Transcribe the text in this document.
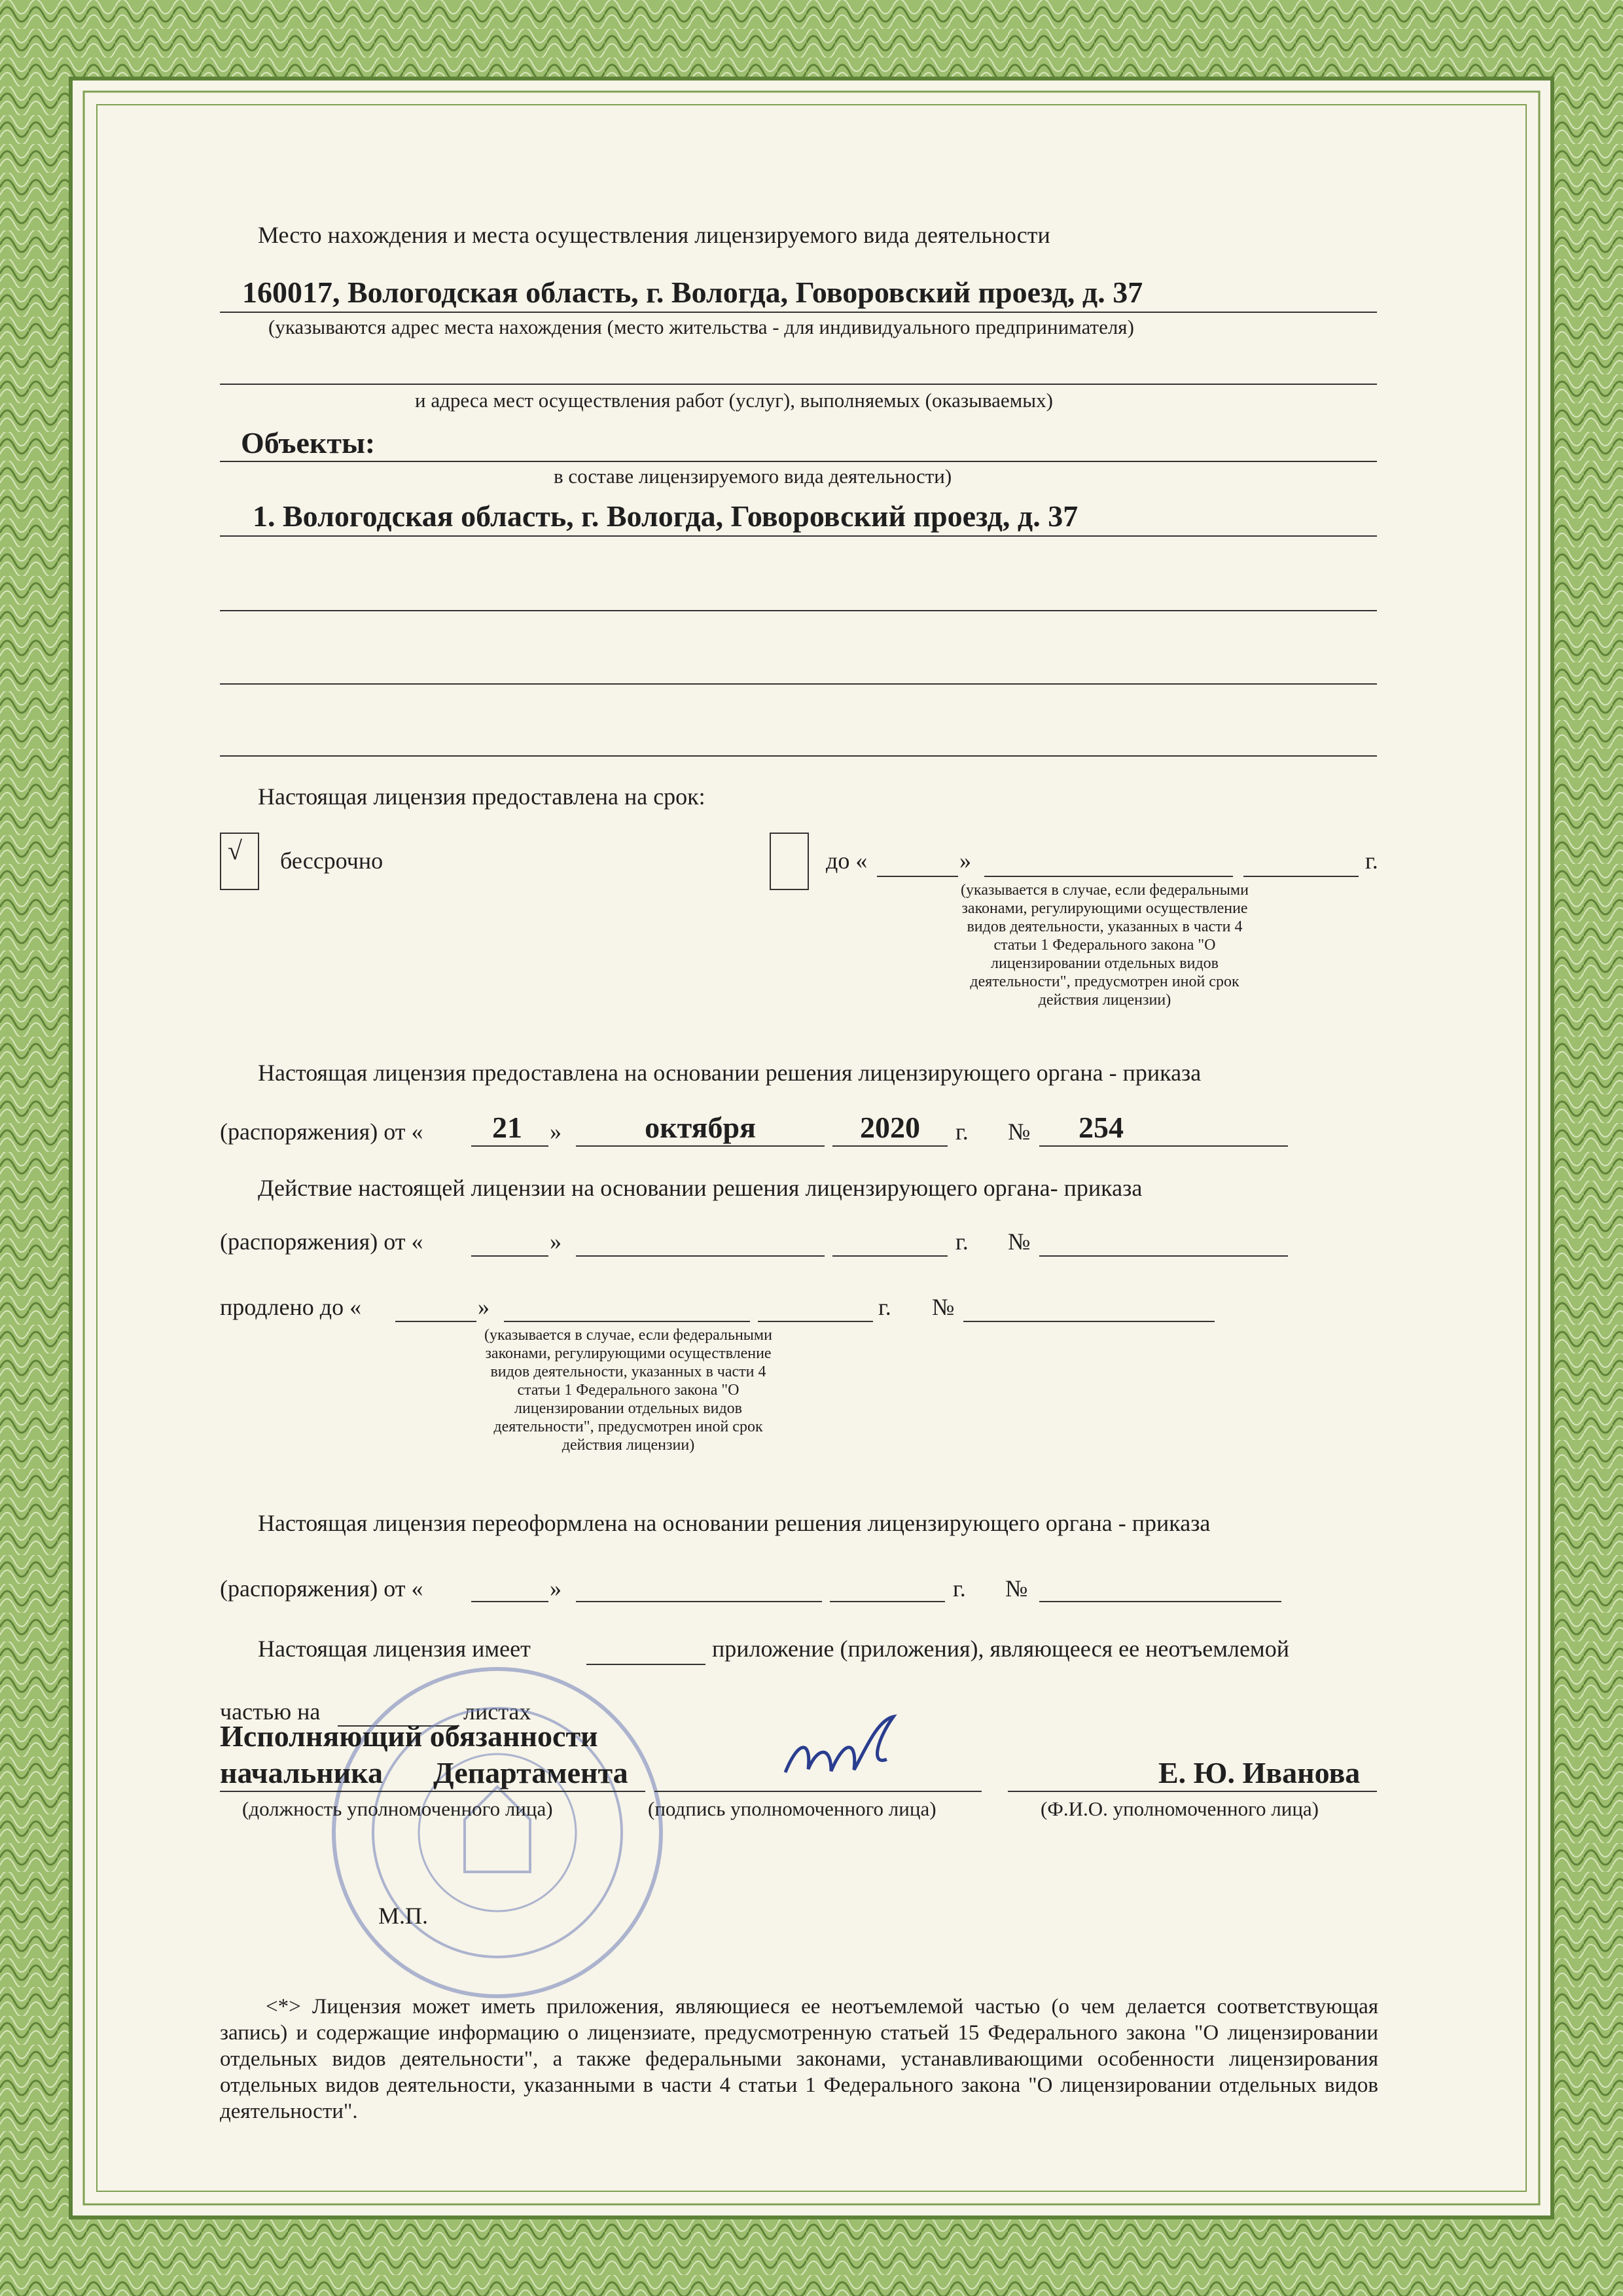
Место нахождения и места осуществления лицензируемого вида деятельности
160017, Вологодская область, г. Вологда, Говоровский проезд, д. 37
(указываются адрес места нахождения (место жительства - для индивидуального предпринимателя)
и адреса мест осуществления работ (услуг), выполняемых (оказываемых)
Объекты:
в составе лицензируемого вида деятельности)
1. Вологодская область, г. Вологда, Говоровский проезд, д. 37
Настоящая лицензия предоставлена на срок:
√ бессрочно	до «	»	г.
(указывается в случае, если федеральными законами, регулирующими осуществление видов деятельности, указанных в части 4 статьи 1 Федерального закона "О лицензировании отдельных видов деятельности", предусмотрен иной срок действия лицензии)
Настоящая лицензия предоставлена на основании решения лицензирующего органа - приказа
(распоряжения) от «	21	»	октября	2020	г. № 254
Действие настоящей лицензии на основании решения лицензирующего органа- приказа
(распоряжения) от «	»	г. №
продлено до «	»	г. №
(указывается в случае, если федеральными законами, регулирующими осуществление видов деятельности, указанных в части 4 статьи 1 Федерального закона "О лицензировании отдельных видов деятельности", предусмотрен иной срок действия лицензии)
Настоящая лицензия переоформлена на основании решения лицензирующего органа - приказа
(распоряжения) от «	»	г. №
Настоящая лицензия имеет	приложение (приложения), являющееся ее неотъемлемой
частью на	листах
Исполняющий обязанности
начальника Департамента	Е. Ю. Иванова
(должность уполномоченного лица)	(подпись уполномоченного лица)	(Ф.И.О. уполномоченного лица)
М.П.
<*> Лицензия может иметь приложения, являющиеся ее неотъемлемой частью (о чем делается соответствующая запись) и содержащие информацию о лицензиате, предусмотренную статьей 15 Федерального закона "О лицензировании отдельных видов деятельности", а также федеральными законами, устанавливающими особенности лицензирования отдельных видов деятельности, указанными в части 4 статьи 1 Федерального закона "О лицензировании отдельных видов деятельности".
